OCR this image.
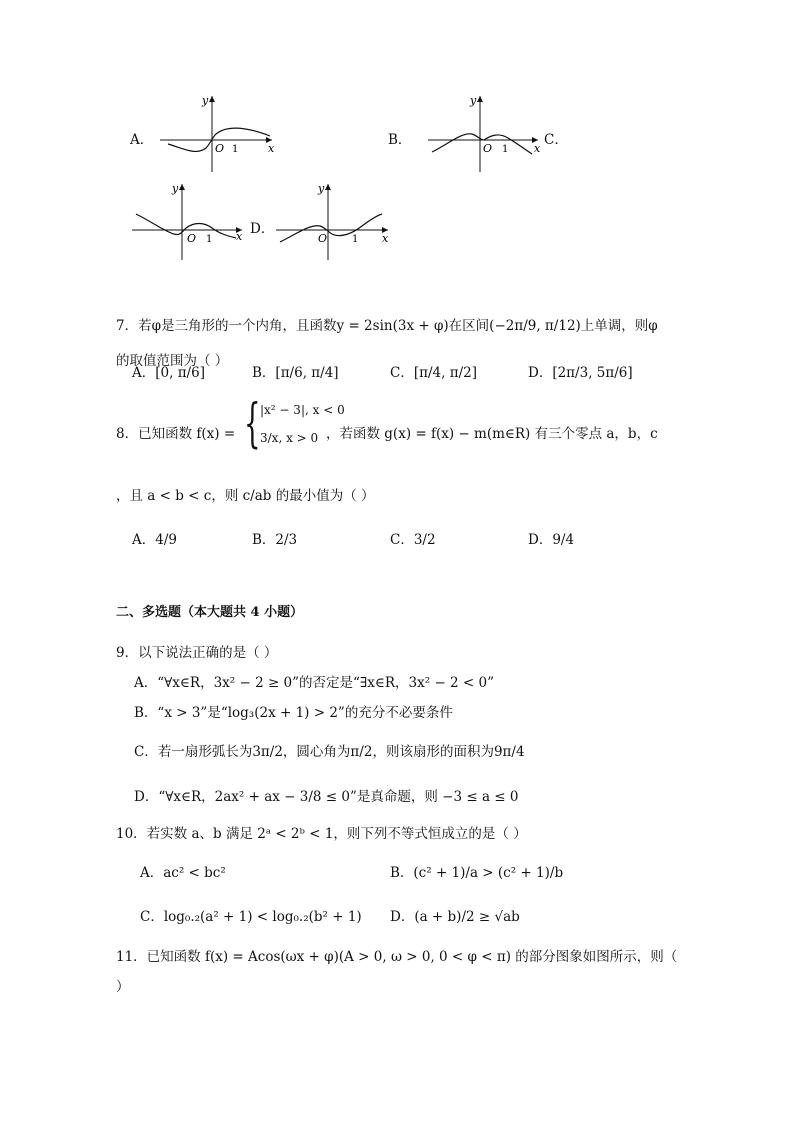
A．
x
y
O 1
B．
x
y
O 1
C．
x
y
O 1
D．
x
y
O 1
7．若φ是三角形的一个内角，且函数y = 2sin(3x + φ)在区间(−2π/9, π/12)上单调，则φ
的取值范围为（ ）
A．[0, π/6]	B．[π/6, π/4]	C．[π/4, π/2]	D．[2π/3, 5π/6]
8．已知函数 f(x) = { |x² − 3|, x < 0
3/x, x > 0 ，若函数 g(x) = f(x) − m(m∈R) 有三个零点 a，b，c
，且 a < b < c，则 c/ab 的最小值为（ ）
A．4/9	B．2/3	C．3/2	D．9/4
二、多选题（本大题共 4 小题）
9．以下说法正确的是（ ）
A．“∀x∈R，3x² − 2 ≥ 0”的否定是“∃x∈R，3x² − 2 < 0”
B．“x > 3”是“log₃(2x + 1) > 2”的充分不必要条件
C．若一扇形弧长为3π/2，圆心角为π/2，则该扇形的面积为9π/4
D．“∀x∈R，2ax² + ax − 3/8 ≤ 0”是真命题，则 −3 ≤ a ≤ 0
10．若实数 a、b 满足 2ᵃ < 2ᵇ < 1，则下列不等式恒成立的是（ ）
A．ac² < bc²	B．(c² + 1)/a > (c² + 1)/b
C．log₀.₂(a² + 1) < log₀.₂(b² + 1) D．(a + b)/2 ≥ √ab
11．已知函数 f(x) = Acos(ωx + φ)(A > 0, ω > 0, 0 < φ < π) 的部分图象如图所示，则（
）
